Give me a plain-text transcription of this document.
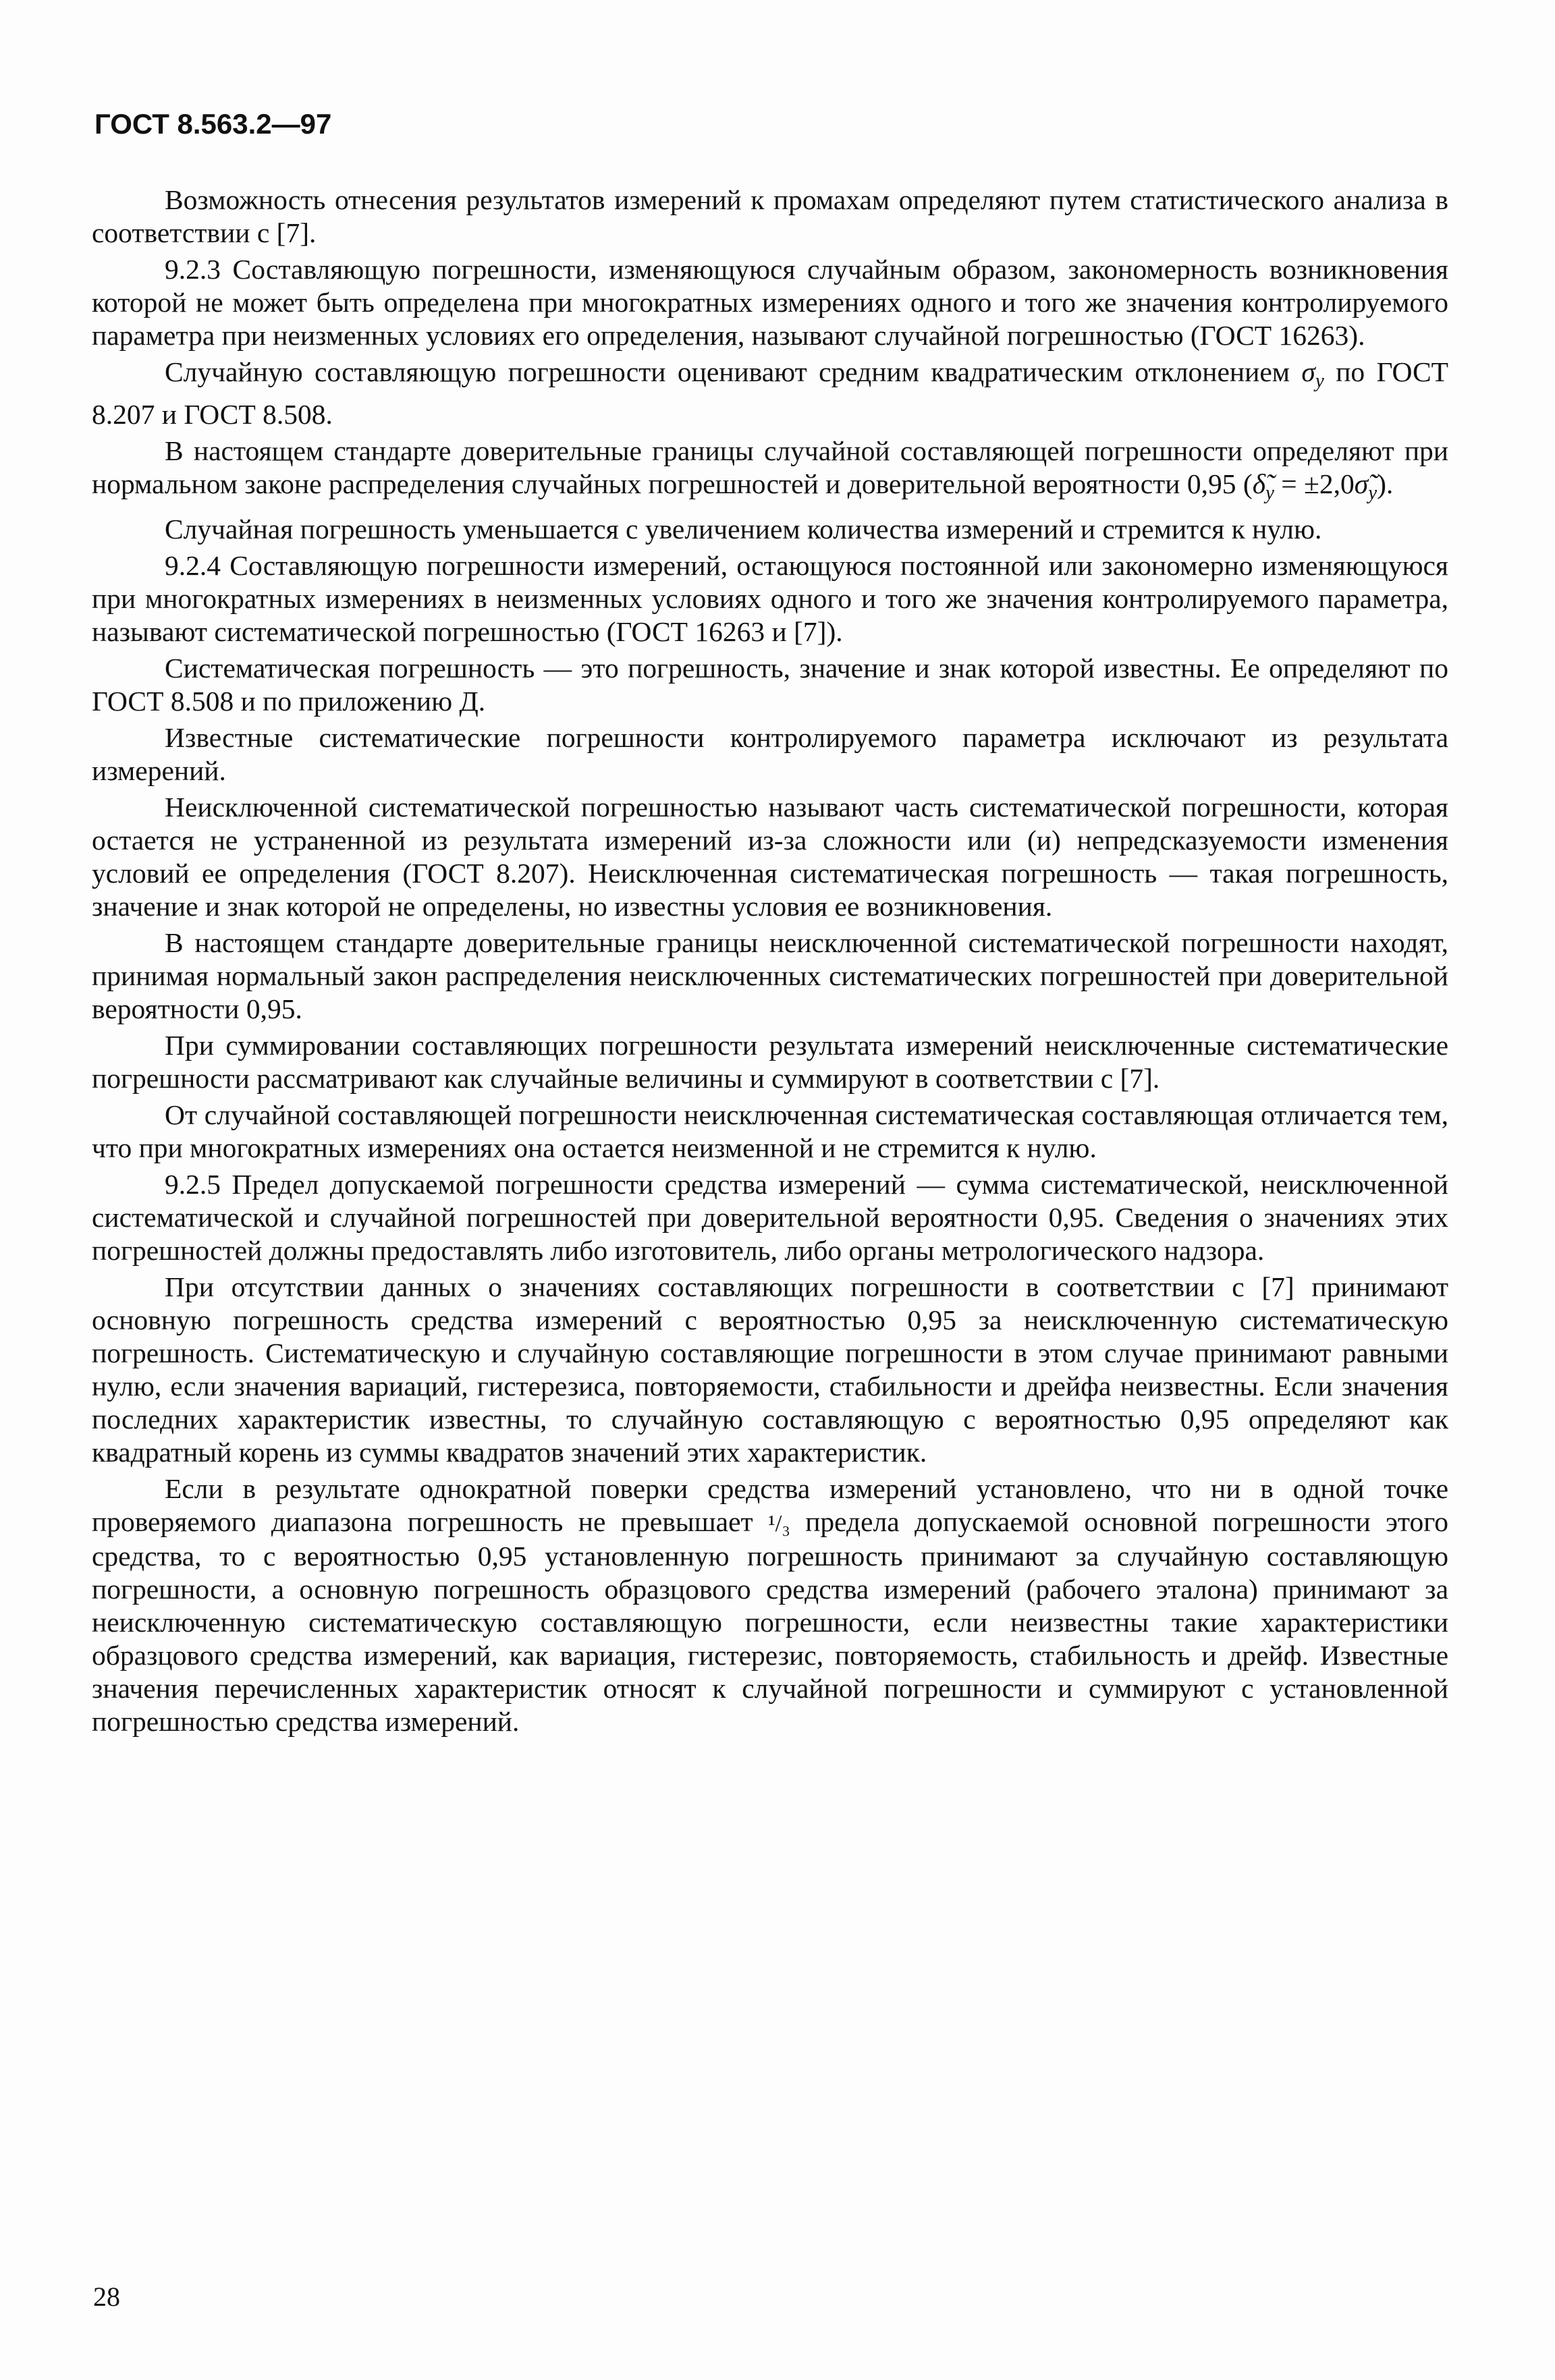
ГОСТ 8.563.2—97

Возможность отнесения результатов измерений к промахам определяют путем статистического анализа в соответствии с [7].

9.2.3 Составляющую погрешности, изменяющуюся случайным образом, закономерность возникновения которой не может быть определена при многократных измерениях одного и того же значения контролируемого параметра при неизменных условиях его определения, называют случайной погрешностью (ГОСТ 16263).

Случайную составляющую погрешности оценивают средним квадратическим отклонением $\sigma_y$ по ГОСТ 8.207 и ГОСТ 8.508.

В настоящем стандарте доверительные границы случайной составляющей погрешности определяют при нормальном законе распределения случайных погрешностей и доверительной вероятности 0,95 ($\deltã_y$ = $\pm 2,0\sigmã_y$).

Случайная погрешность уменьшается с увеличением количества измерений и стремится к нулю.

9.2.4 Составляющую погрешности измерений, остающуюся постоянной или закономерно изменяющуюся при многократных измерениях в неизменных условиях одного и того же значения контролируемого параметра, называют систематической погрешностью (ГОСТ 16263 и [7]).

Систематическая погрешность — это погрешность, значение и знак которой известны. Ее определяют по ГОСТ 8.508 и по приложению Д.

Известные систематические погрешности контролируемого параметра исключают из результата измерений.

Неисключенной систематической погрешностью называют часть систематической погрешности, которая остается не устраненной из результата измерений из-за сложности или (и) непредсказуемости изменения условий ее определения (ГОСТ 8.207). Неисключенная систематическая погрешность — такая погрешность, значение и знак которой не определены, но известны условия ее возникновения.

В настоящем стандарте доверительные границы неисключенной систематической погрешности находят, принимая нормальный закон распределения неисключенных систематических погрешностей при доверительной вероятности 0,95.

При суммировании составляющих погрешности результата измерений неисключенные систематические погрешности рассматривают как случайные величины и суммируют в соответствии с [7].

От случайной составляющей погрешности неисключенная систематическая составляющая отличается тем, что при многократных измерениях она остается неизменной и не стремится к нулю.

9.2.5 Предел допускаемой погрешности средства измерений — сумма систематической, неисключенной систематической и случайной погрешностей при доверительной вероятности 0,95. Сведения о значениях этих погрешностей должны предоставлять либо изготовитель, либо органы метрологического надзора.

При отсутствии данных о значениях составляющих погрешности в соответствии с [7] принимают основную погрешность средства измерений с вероятностью 0,95 за неисключенную систематическую погрешность. Систематическую и случайную составляющие погрешности в этом случае принимают равными нулю, если значения вариаций, гистерезиса, повторяемости, стабильности и дрейфа неизвестны. Если значения последних характеристик известны, то случайную составляющую с вероятностью 0,95 определяют как квадратный корень из суммы квадратов значений этих характеристик.

Если в результате однократной поверки средства измерений установлено, что ни в одной точке проверяемого диапазона погрешность не превышает ¹/₃ предела допускаемой основной погрешности этого средства, то с вероятностью 0,95 установленную погрешность принимают за случайную составляющую погрешности, а основную погрешность образцового средства измерений (рабочего эталона) принимают за неисключенную систематическую составляющую погрешности, если неизвестны такие характеристики образцового средства измерений, как вариация, гистерезис, повторяемость, стабильность и дрейф. Известные значения перечисленных характеристик относят к случайной погрешности и суммируют с установленной погрешностью средства измерений.

28
